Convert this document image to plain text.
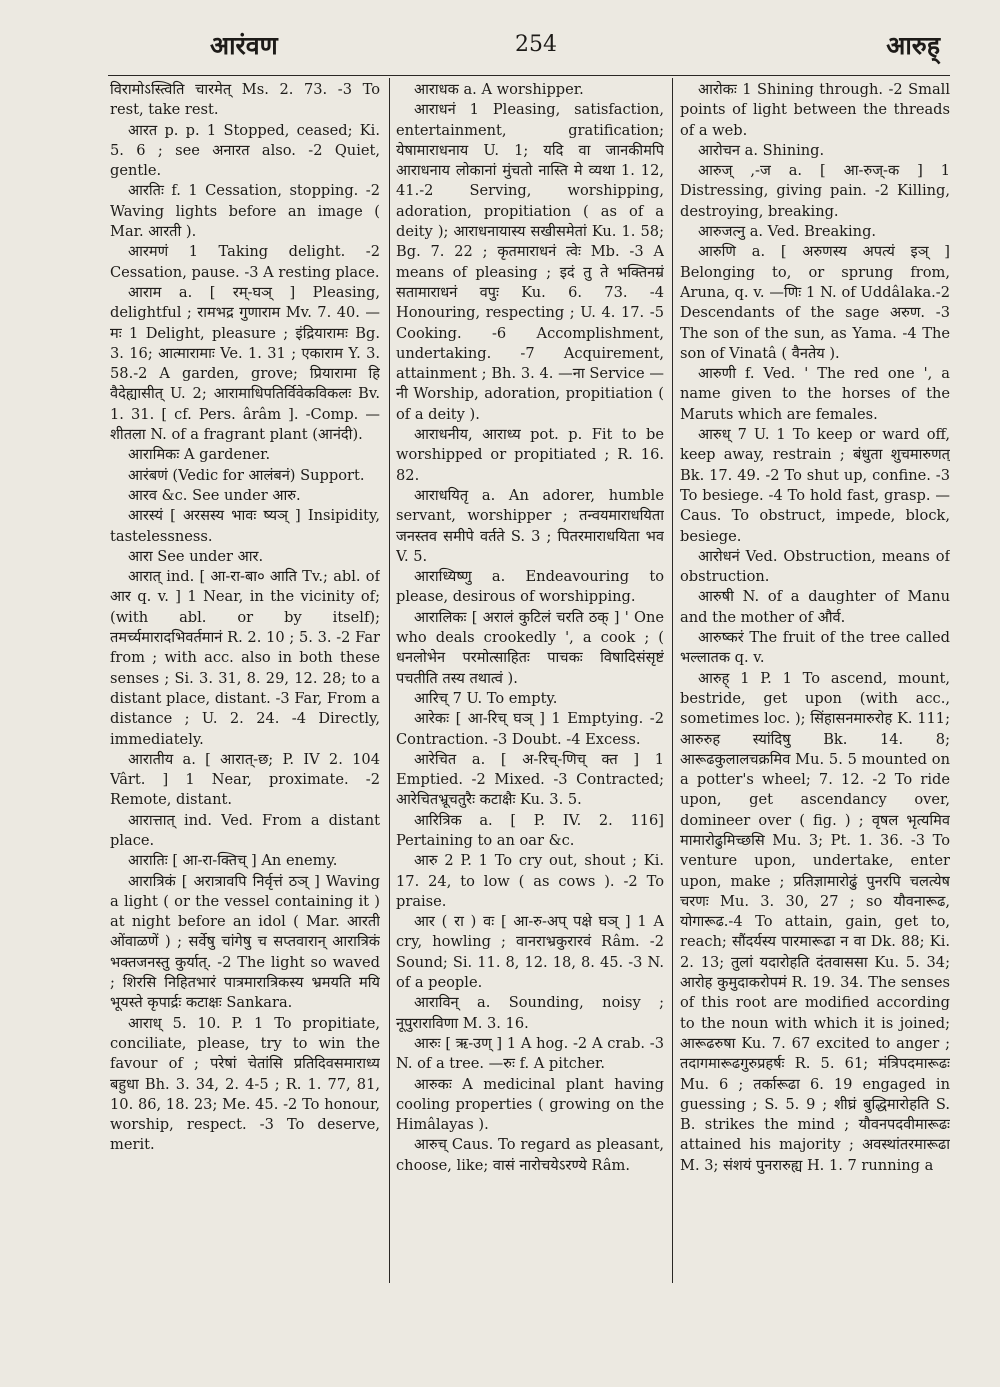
आरंवण	254	आरुह्

विरामोऽस्त्विति चारमेत् Ms. 2. 73. -3 To rest, take rest.

आरत p. p. 1 Stopped, ceased; Ki. 5. 6 ; see अनारत also. -2 Quiet, gentle.

आरतिः f. 1 Cessation, stopping. -2 Waving lights before an image ( Mar. आरती ).

आरमणं 1 Taking delight. -2 Cessation, pause. -3 A resting place.

आराम a. [ रम्-घञ् ] Pleasing, delightful ; रामभद्र गुणाराम Mv. 7. 40. —मः 1 Delight, pleasure ; इंद्रियारामः Bg. 3. 16; आत्मारामाः Ve. 1. 31 ; एकाराम Y. 3. 58.-2 A garden, grove; प्रियारामा हि वैदेह्यासीत् U. 2; आरामाधिपतिर्विवेकविकलः Bv. 1. 31. [ cf. Pers. ârâm ]. -Comp. —शीतला N. of a fragrant plant (आनंदी).

आरामिकः A gardener.

आरंबणं (Vedic for आलंबनं) Support.

आरव &c. See under आरु.

आरस्यं [ अरसस्य भावः ष्यञ् ] Insipidity, tastelessness.

आरा See under आर.

आरात् ind. [ आ-रा-बा० आति Tv.; abl. of आर q. v. ] 1 Near, in the vicinity of; (with abl. or by itself); तमर्च्यमारादभिवर्तमानं R. 2. 10 ; 5. 3. -2 Far from ; with acc. also in both these senses ; Si. 3. 31, 8. 29, 12. 28; to a distant place, distant. -3 Far, From a distance ; U. 2. 24. -4 Directly, immediately.

आरातीय a. [ आरात्-छ; P. IV 2. 104 Vârt. ] 1 Near, proximate. -2 Remote, distant.

आरात्तात् ind. Ved. From a distant place.

आरातिः [ आ-रा-क्तिच् ] An enemy.

आरात्रिकं [ अरात्रावपि निर्वृत्तं ठञ् ] Waving a light ( or the vessel containing it ) at night before an idol ( Mar. आरती ओंवाळणें ) ; सर्वेषु चांगेषु च सप्तवारान् आरात्रिकं भक्तजनस्तु कुर्यात्. -2 The light so waved ; शिरसि निहितभारं पात्रमारात्रिकस्य भ्रमयति मयि भूयस्ते कृपार्द्रः कटाक्षः Sankara.

आराध् 5. 10. P. 1 To propitiate, conciliate, please, try to win the favour of ; परेषां चेतांसि प्रतिदिवसमाराध्य बहुधा Bh. 3. 34, 2. 4-5 ; R. 1. 77, 81, 10. 86, 18. 23; Me. 45. -2 To honour, worship, respect. -3 To deserve, merit.

आराधक a. A worshipper.

आराधनं 1 Pleasing, satisfaction, entertainment, gratification; येषामाराधनाय U. 1; यदि वा जानकीमपि आराधनाय लोकानां मुंचतो नास्ति मे व्यथा 1. 12, 41.-2 Serving, worshipping, adoration, propitiation ( as of a deity ); आराधनायास्य सखीसमेतां Ku. 1. 58; Bg. 7. 22 ; कृतमाराधनं त्वेः Mb. -3 A means of pleasing ; इदं तु ते भक्तिनम्रं सतामाराधनं वपुः Ku. 6. 73. -4 Honouring, respecting ; U. 4. 17. -5 Cooking. -6 Accomplishment, undertaking. -7 Acquirement, attainment ; Bh. 3. 4. —ना Service —नी Worship, adoration, propitiation ( of a deity ).

आराधनीय, आराध्य pot. p. Fit to be worshipped or propitiated ; R. 16. 82.

आराधयितृ a. An adorer, humble servant, worshipper ; तन्वयमाराधयिता जनस्तव समीपे वर्तते S. 3 ; पितरमाराधयिता भव V. 5.

आराध्यिष्णु a. Endeavouring to please, desirous of worshipping.

आरालिकः [ अरालं कुटिलं चरति ठक् ] ' One who deals crookedly ', a cook ; ( धनलोभेन परमोत्साहितः पाचकः विषादिसंसृष्टं पचतीति तस्य तथात्वं ).

आरिच् 7 U. To empty.

आरेकः [ आ-रिच् घञ् ] 1 Emptying. -2 Contraction. -3 Doubt. -4 Excess.

आरेचित a. [ अ-रिच्-णिच् क्त ] 1 Emptied. -2 Mixed. -3 Contracted; आरेचितभ्रूचतुरैः कटाक्षैः Ku. 3. 5.

आरित्रिक a. [ P. IV. 2. 116] Pertaining to an oar &c.

आरु 2 P. 1 To cry out, shout ; Ki. 17. 24, to low ( as cows ). -2 To praise.

आर ( रा ) वः [ आ-रु-अप् पक्षे घञ् ] 1 A cry, howling ; वानराभ्रकुरारवं Râm. -2 Sound; Si. 11. 8, 12. 18, 8. 45. -3 N. of a people.

आराविन् a. Sounding, noisy ; नूपुराराविणा M. 3. 16.

आरुः [ ऋ-उण् ] 1 A hog. -2 A crab. -3 N. of a tree. —रुः f. A pitcher.

आरुकः A medicinal plant having cooling properties ( growing on the Himâlayas ).

आरुच् Caus. To regard as pleasant, choose, like; वासं नारोचयेऽरण्ये Râm.

आरोकः 1 Shining through. -2 Small points of light between the threads of a web.

आरोचन a. Shining.

आरुज् ,-ज a. [ आ-रुज्-क ] 1 Distressing, giving pain. -2 Killing, destroying, breaking.

आरुजत्नु a. Ved. Breaking.

आरुणि a. [ अरुणस्य अपत्यं इञ् ] Belonging to, or sprung from, Aruna, q. v. —णिः 1 N. of Uddâlaka.-2 Descendants of the sage अरुण. -3 The son of the sun, as Yama. -4 The son of Vinatâ ( वैनतेय ).

आरुणी f. Ved. ' The red one ', a name given to the horses of the Maruts which are females.

आरुध् 7 U. 1 To keep or ward off, keep away, restrain ; बंधुता शुचमारुणत् Bk. 17. 49. -2 To shut up, confine. -3 To besiege. -4 To hold fast, grasp. —Caus. To obstruct, impede, block, besiege.

आरोधनं Ved. Obstruction, means of obstruction.

आरुषी N. of a daughter of Manu and the mother of और्व.

आरुष्करं The fruit of the tree called भल्लातक q. v.

आरुह् 1 P. 1 To ascend, mount, bestride, get upon (with acc., sometimes loc. ); सिंहासनमारुरोह K. 111; आरुरुह स्यांदिषु Bk. 14. 8; आरूढकुलालचक्रमिव Mu. 5. 5 mounted on a potter's wheel; 7. 12. -2 To ride upon, get ascendancy over, domineer over ( fig. ) ; वृषल भृत्यमिव मामारोढुमिच्छसि Mu. 3; Pt. 1. 36. -3 To venture upon, undertake, enter upon, make ; प्रतिज्ञामारोढुं पुनरपि चलत्येष चरणः Mu. 3. 30, 27 ; so यौवनारूढ, योगारूढ.-4 To attain, gain, get to, reach; सौंदर्यस्य पारमारूढा न वा Dk. 88; Ki. 2. 13; तुलां यदारोहति दंतवाससा Ku. 5. 34; आरोह कुमुदाकरोपमं R. 19. 34. The senses of this root are modified according to the noun with which it is joined; आरूढरुषा Ku. 7. 67 excited to anger ; तदागमारूढगुरुप्रहर्षः R. 5. 61; मंत्रिपदमारूढः Mu. 6 ; तर्कारूढा 6. 19 engaged in guessing ; S. 5. 9 ; शीघ्रं बुद्धिमारोहति S. B. strikes the mind ; यौवनपदवीमारूढः attained his majority ; अवस्थांतरमारूढा M. 3; संशयं पुनरारुह्य H. 1. 7 running a
